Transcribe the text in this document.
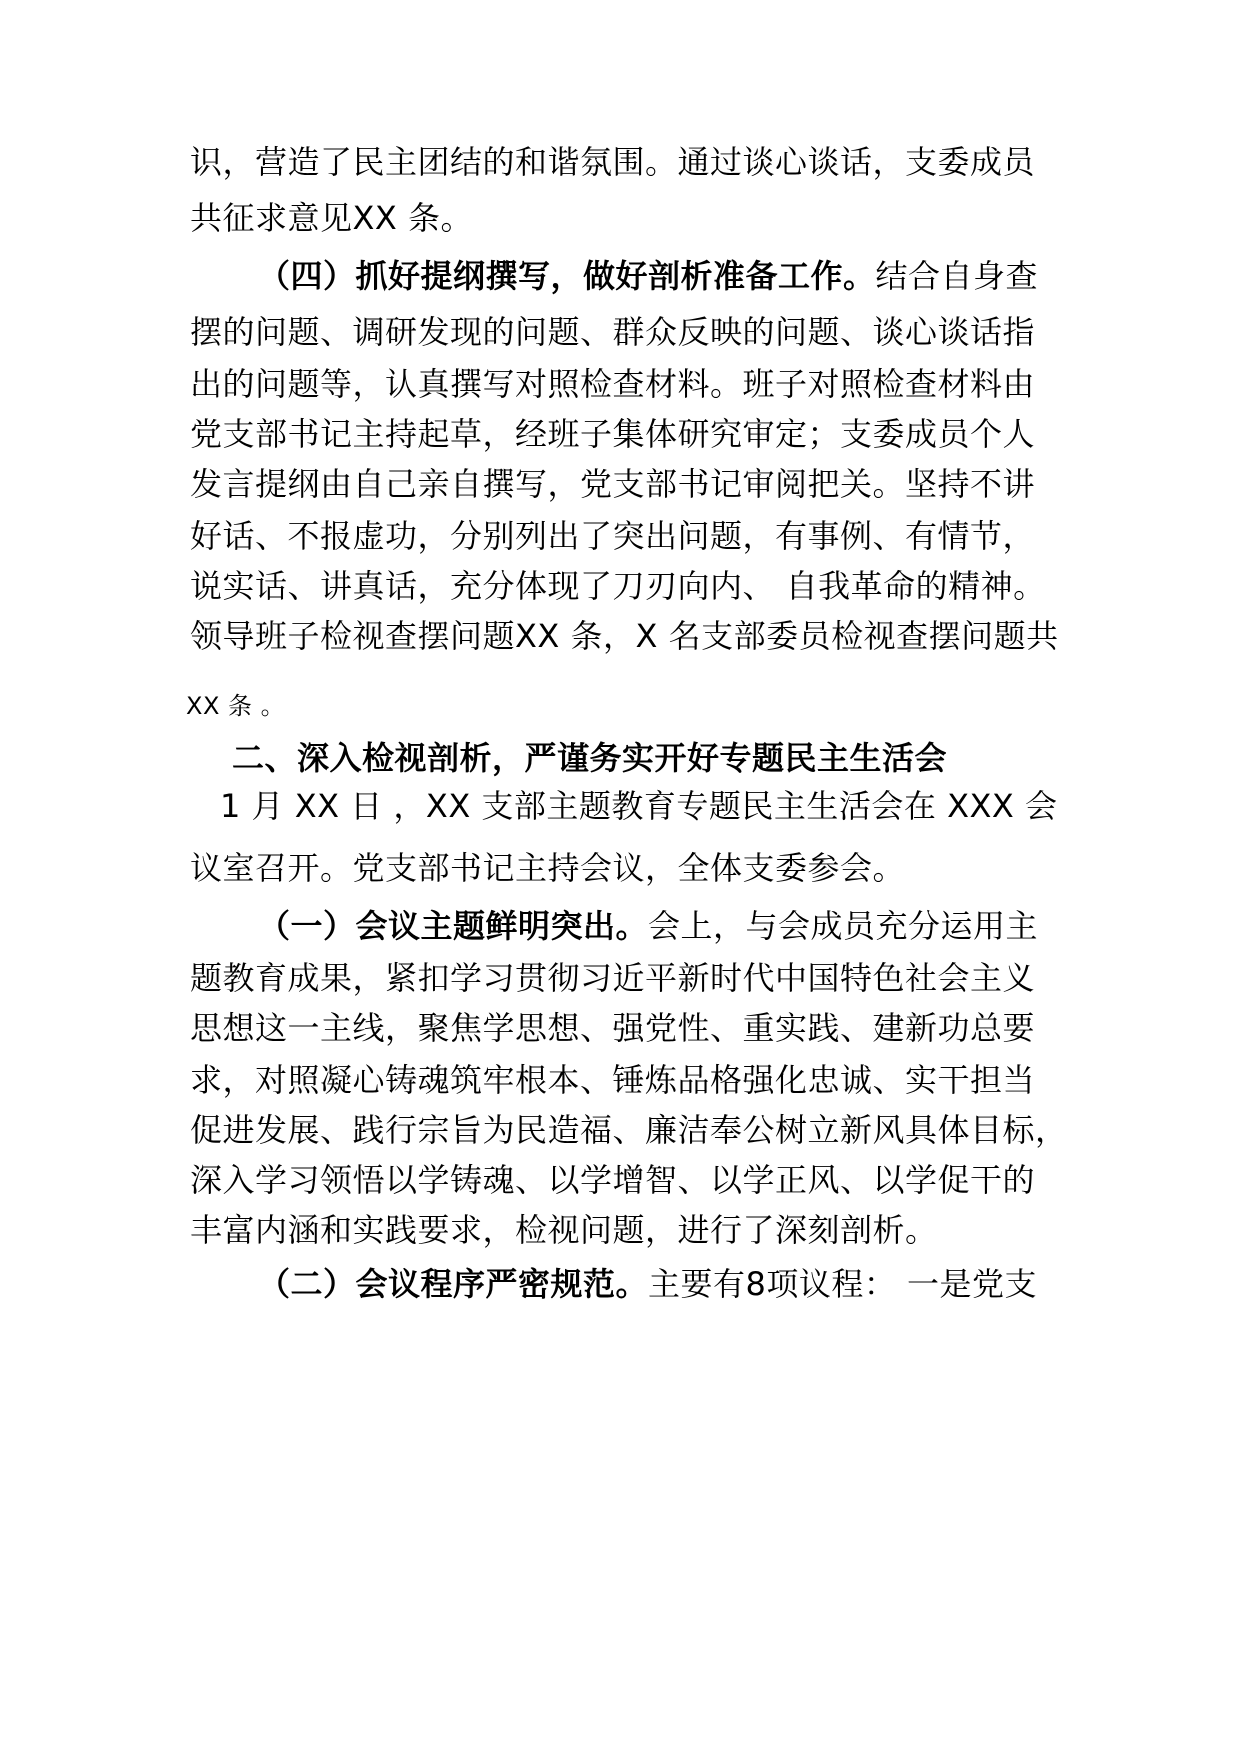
识，营造了民主团结的和谐氛围。通过谈心谈话，支委成员
共征求意见XX 条。
（四）抓好提纲撰写，做好剖析准备工作。结合自身查
摆的问题、调研发现的问题、群众反映的问题、谈心谈话指
出的问题等，认真撰写对照检查材料。班子对照检查材料由
党支部书记主持起草，经班子集体研究审定；支委成员个人
发言提纲由自己亲自撰写，党支部书记审阅把关。坚持不讲
好话、不报虚功，分别列出了突出问题，有事例、有情节，
说实话、讲真话，充分体现了刀刃向内、 自我革命的精神。
领导班子检视查摆问题XX 条，X 名支部委员检视查摆问题共
XX 条 。
二、深入检视剖析，严谨务实开好专题民主生活会
1 月 XX 日 ，XX 支部主题教育专题民主生活会在 XXX 会
议室召开。党支部书记主持会议，全体支委参会。
（一）会议主题鲜明突出。会上，与会成员充分运用主
题教育成果，紧扣学习贯彻习近平新时代中国特色社会主义
思想这一主线，聚焦学思想、强党性、重实践、建新功总要
求，对照凝心铸魂筑牢根本、锤炼品格强化忠诚、实干担当
促进发展、践行宗旨为民造福、廉洁奉公树立新风具体目标，
深入学习领悟以学铸魂、以学增智、以学正风、以学促干的
丰富内涵和实践要求，检视问题，进行了深刻剖析。
（二）会议程序严密规范。主要有8项议程： 一是党支
